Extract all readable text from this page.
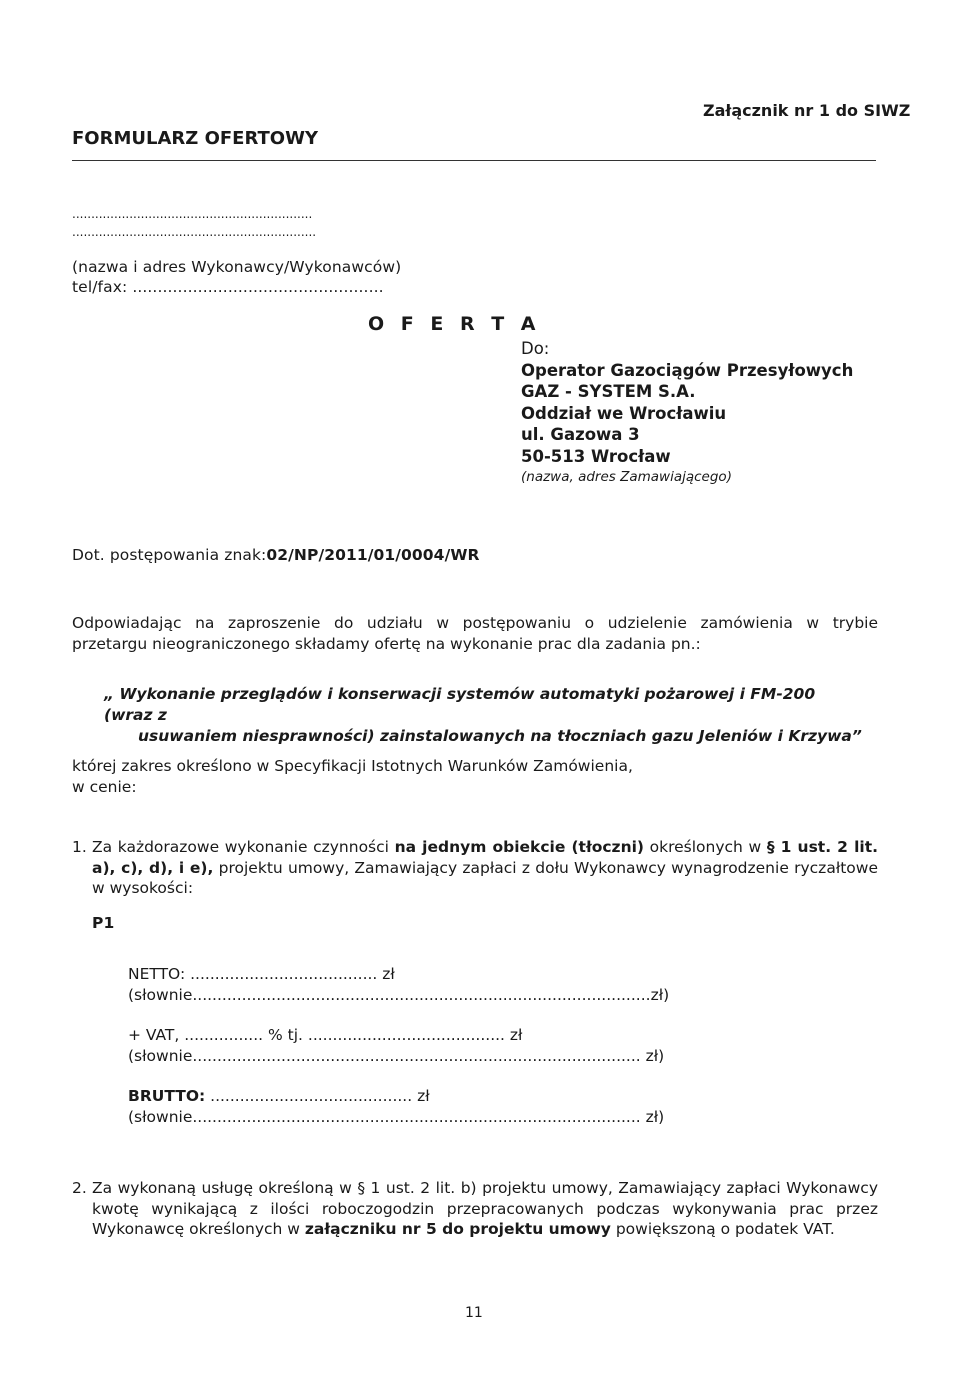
Załącznik nr 1 do SIWZ
FORMULARZ OFERTOWY
...............................................................
................................................................
(nazwa i adres Wykonawcy/Wykonawców)
tel/fax: ..................................................
O F E R T A
Do:
Operator Gazociągów Przesyłowych
GAZ - SYSTEM S.A.
Oddział we Wrocławiu
ul. Gazowa 3
50-513 Wrocław
(nazwa, adres Zamawiającego)
Dot. postępowania znak:02/NP/2011/01/0004/WR
Odpowiadając na zaproszenie do udziału w postępowaniu o udzielenie zamówienia w trybie
przetargu nieograniczonego składamy ofertę na wykonanie prac dla zadania pn.:
„ Wykonanie przeglądów i konserwacji systemów automatyki pożarowej i FM-200 (wraz z
usuwaniem niesprawności) zainstalowanych na tłoczniach gazu Jeleniów i Krzywa”
której zakres określono w Specyfikacji Istotnych Warunków Zamówienia,
w cenie:
1. Za każdorazowe wykonanie czynności na jednym obiekcie (tłoczni) określonych w § 1 ust. 2 lit. a), c), d), i e), projektu umowy, Zamawiający zapłaci z dołu Wykonawcy wynagrodzenie ryczałtowe w wysokości:
P1
NETTO: ...................................... zł
(słownie.............................................................................................zł)
+ VAT, ................ % tj. ........................................ zł
(słownie........................................................................................... zł)
BRUTTO: ......................................... zł
(słownie........................................................................................... zł)
2. Za wykonaną usługę określoną w § 1 ust. 2 lit. b) projektu umowy, Zamawiający zapłaci Wykonawcy kwotę wynikającą z ilości roboczogodzin przepracowanych podczas wykonywania prac przez Wykonawcę określonych w załączniku nr 5 do projektu umowy powiększoną o podatek VAT.
11
